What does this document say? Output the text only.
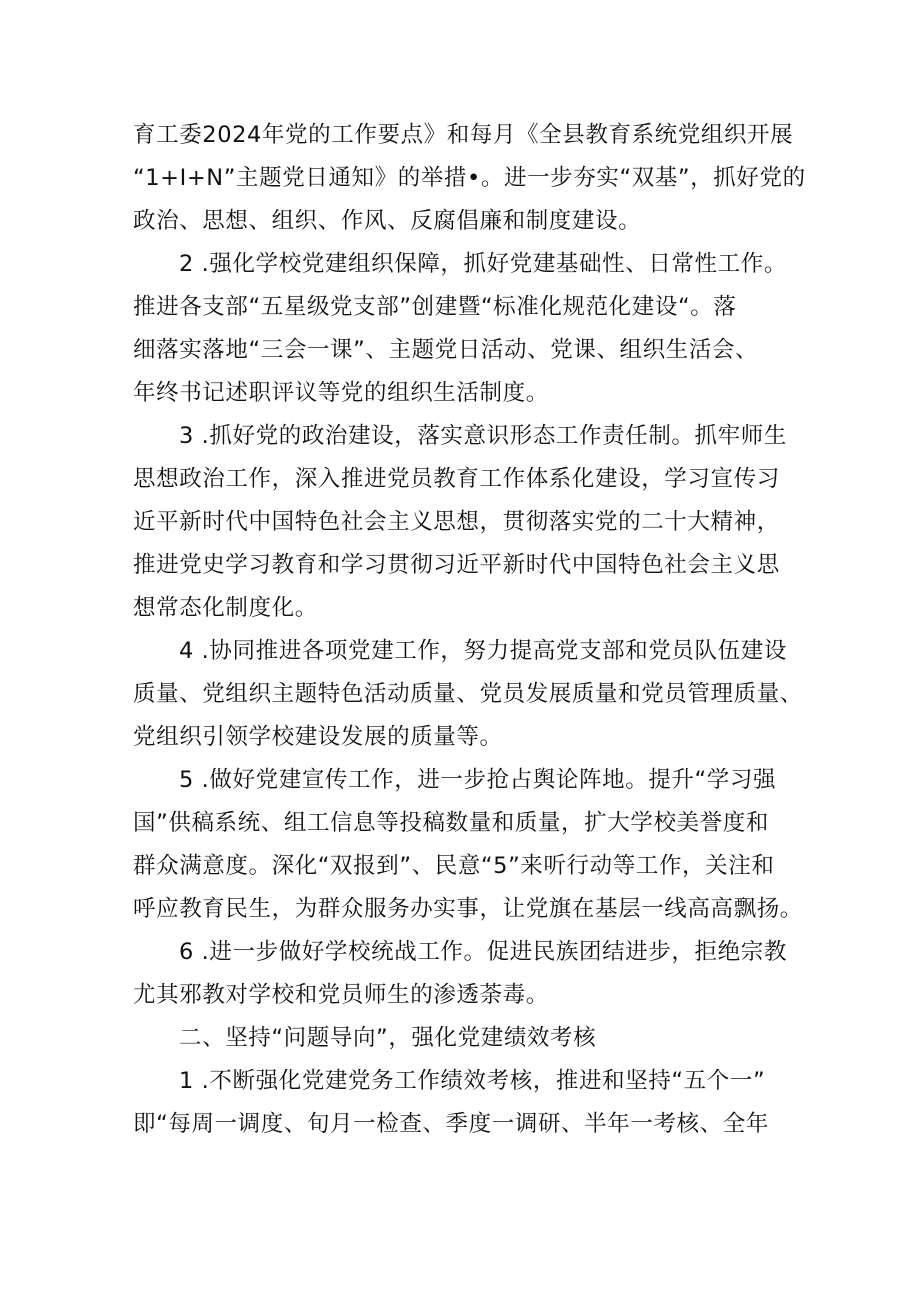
育工委2024年党的工作要点》和每月《全县教育系统党组织开展
“1+I+N”主题党日通知》的举措•。进一步夯实“双基”，抓好党的
政治、思想、组织、作风、反腐倡廉和制度建设。
2 .强化学校党建组织保障，抓好党建基础性、日常性工作。
推进各支部“五星级党支部”创建暨“标准化规范化建设“。落
细落实落地“三会一课”、主题党日活动、党课、组织生活会、
年终书记述职评议等党的组织生活制度。
3 .抓好党的政治建设，落实意识形态工作责任制。抓牢师生
思想政治工作，深入推进党员教育工作体系化建设，学习宣传习
近平新时代中国特色社会主义思想，贯彻落实党的二十大精神，
推进党史学习教育和学习贯彻习近平新时代中国特色社会主义思
想常态化制度化。
4 .协同推进各项党建工作，努力提高党支部和党员队伍建设
质量、党组织主题特色活动质量、党员发展质量和党员管理质量、
党组织引领学校建设发展的质量等。
5 .做好党建宣传工作，进一步抢占舆论阵地。提升“学习强
国”供稿系统、组工信息等投稿数量和质量，扩大学校美誉度和
群众满意度。深化“双报到”、民意“5”来听行动等工作，关注和
呼应教育民生，为群众服务办实事，让党旗在基层一线高高飘扬。
6 .进一步做好学校统战工作。促进民族团结进步，拒绝宗教
尤其邪教对学校和党员师生的渗透荼毒。
二、坚持“问题导向”，强化党建绩效考核
1 .不断强化党建党务工作绩效考核，推进和坚持“五个一”
即“每周一调度、旬月一检查、季度一调研、半年一考核、全年
